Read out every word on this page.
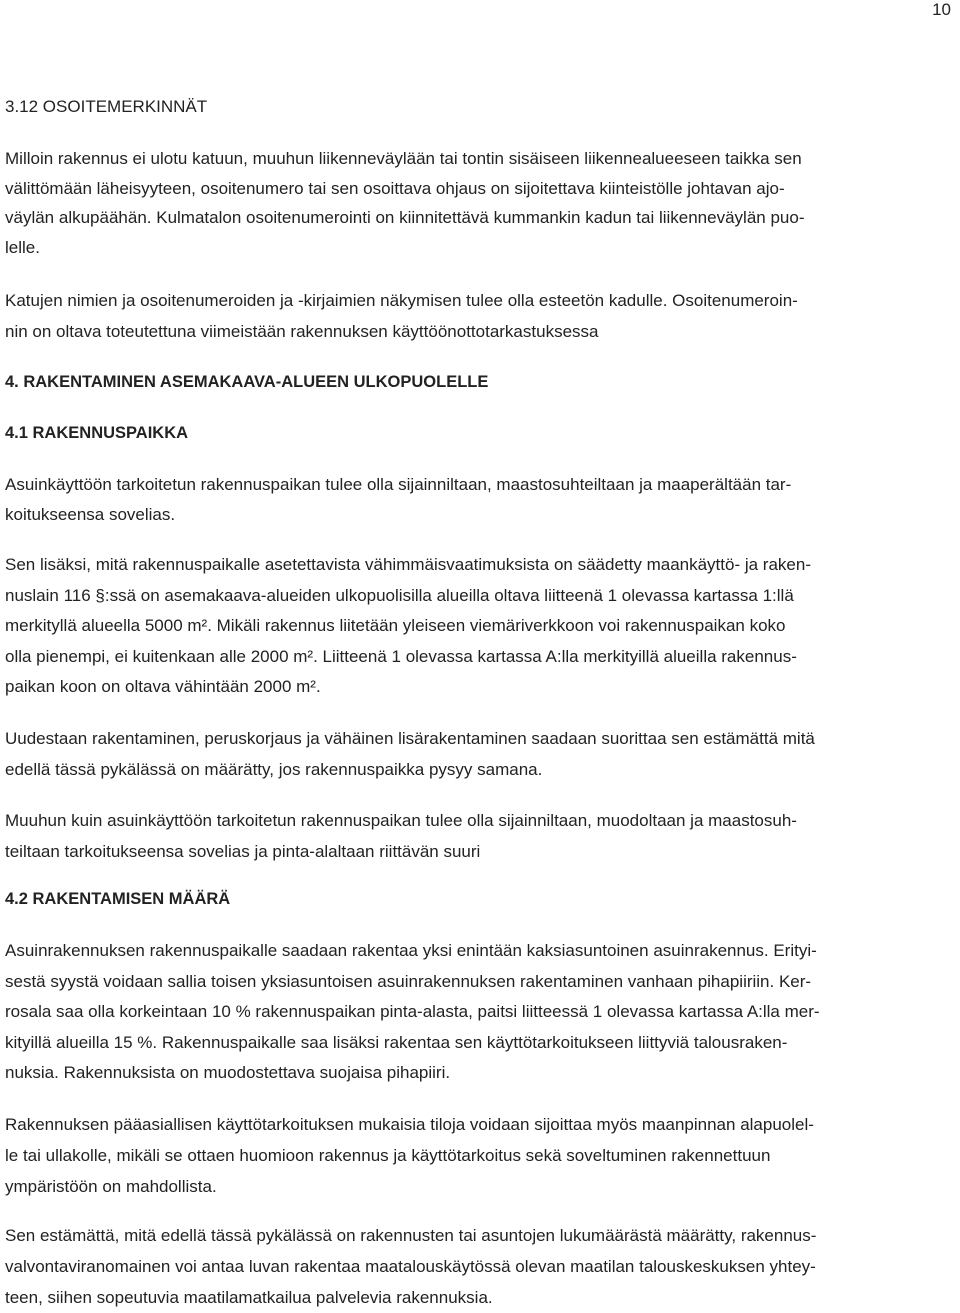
10
3.12 OSOITEMERKINNÄT
Milloin rakennus ei ulotu katuun, muuhun liikenneväylään tai tontin sisäiseen liikennealueeseen taikka sen
välittömään läheisyyteen, osoitenumero tai sen osoittava ohjaus on sijoitettava kiinteistölle johtavan ajo-
väylän alkupäähän. Kulmatalon osoitenumerointi on kiinnitettävä kummankin kadun tai liikenneväylän puo-
lelle.
Katujen nimien ja osoitenumeroiden ja -kirjaimien näkymisen tulee olla esteetön kadulle. Osoitenumeroin-
nin on oltava toteutettuna viimeistään rakennuksen käyttöönottotarkastuksessa
4. RAKENTAMINEN ASEMAKAAVA-ALUEEN ULKOPUOLELLE
4.1 RAKENNUSPAIKKA
Asuinkäyttöön tarkoitetun rakennuspaikan tulee olla sijainniltaan, maastosuhteiltaan ja maaperältään tar-
koitukseensa sovelias.
Sen lisäksi, mitä rakennuspaikalle asetettavista vähimmäisvaatimuksista on säädetty maankäyttö- ja raken-
nuslain 116 §:ssä on asemakaava-alueiden ulkopuolisilla alueilla oltava liitteenä 1 olevassa kartassa 1:llä
merkityllä alueella 5000 m². Mikäli rakennus liitetään yleiseen viemäriverkkoon voi rakennuspaikan koko
olla pienempi, ei kuitenkaan alle 2000 m². Liitteenä 1 olevassa kartassa A:lla merkityillä alueilla rakennus-
paikan koon on oltava vähintään 2000 m².
Uudestaan rakentaminen, peruskorjaus ja vähäinen lisärakentaminen saadaan suorittaa sen estämättä mitä
edellä tässä pykälässä on määrätty, jos rakennuspaikka pysyy samana.
Muuhun kuin asuinkäyttöön tarkoitetun rakennuspaikan tulee olla sijainniltaan, muodoltaan ja maastosuh-
teiltaan tarkoitukseensa sovelias ja pinta-alaltaan riittävän suuri
4.2 RAKENTAMISEN MÄÄRÄ
Asuinrakennuksen rakennuspaikalle saadaan rakentaa yksi enintään kaksiasuntoinen asuinrakennus. Erityi-
sestä syystä voidaan sallia toisen yksiasuntoisen asuinrakennuksen rakentaminen vanhaan pihapiiriin. Ker-
rosala saa olla korkeintaan 10 % rakennuspaikan pinta-alasta, paitsi liitteessä 1 olevassa kartassa A:lla mer-
kityillä alueilla 15 %. Rakennuspaikalle saa lisäksi rakentaa sen käyttötarkoitukseen liittyviä talousraken-
nuksia. Rakennuksista on muodostettava suojaisa pihapiiri.
Rakennuksen pääasiallisen käyttötarkoituksen mukaisia tiloja voidaan sijoittaa myös maanpinnan alapuolel-
le tai ullakolle, mikäli se ottaen huomioon rakennus ja käyttötarkoitus sekä soveltuminen rakennettuun
ympäristöön on mahdollista.
Sen estämättä, mitä edellä tässä pykälässä on rakennusten tai asuntojen lukumäärästä määrätty, rakennus-
valvontaviranomainen voi antaa luvan rakentaa maatalouskäytössä olevan maatilan talouskeskuksen yhtey-
teen, siihen sopeutuvia maatilamatkailua palvelevia rakennuksia.
